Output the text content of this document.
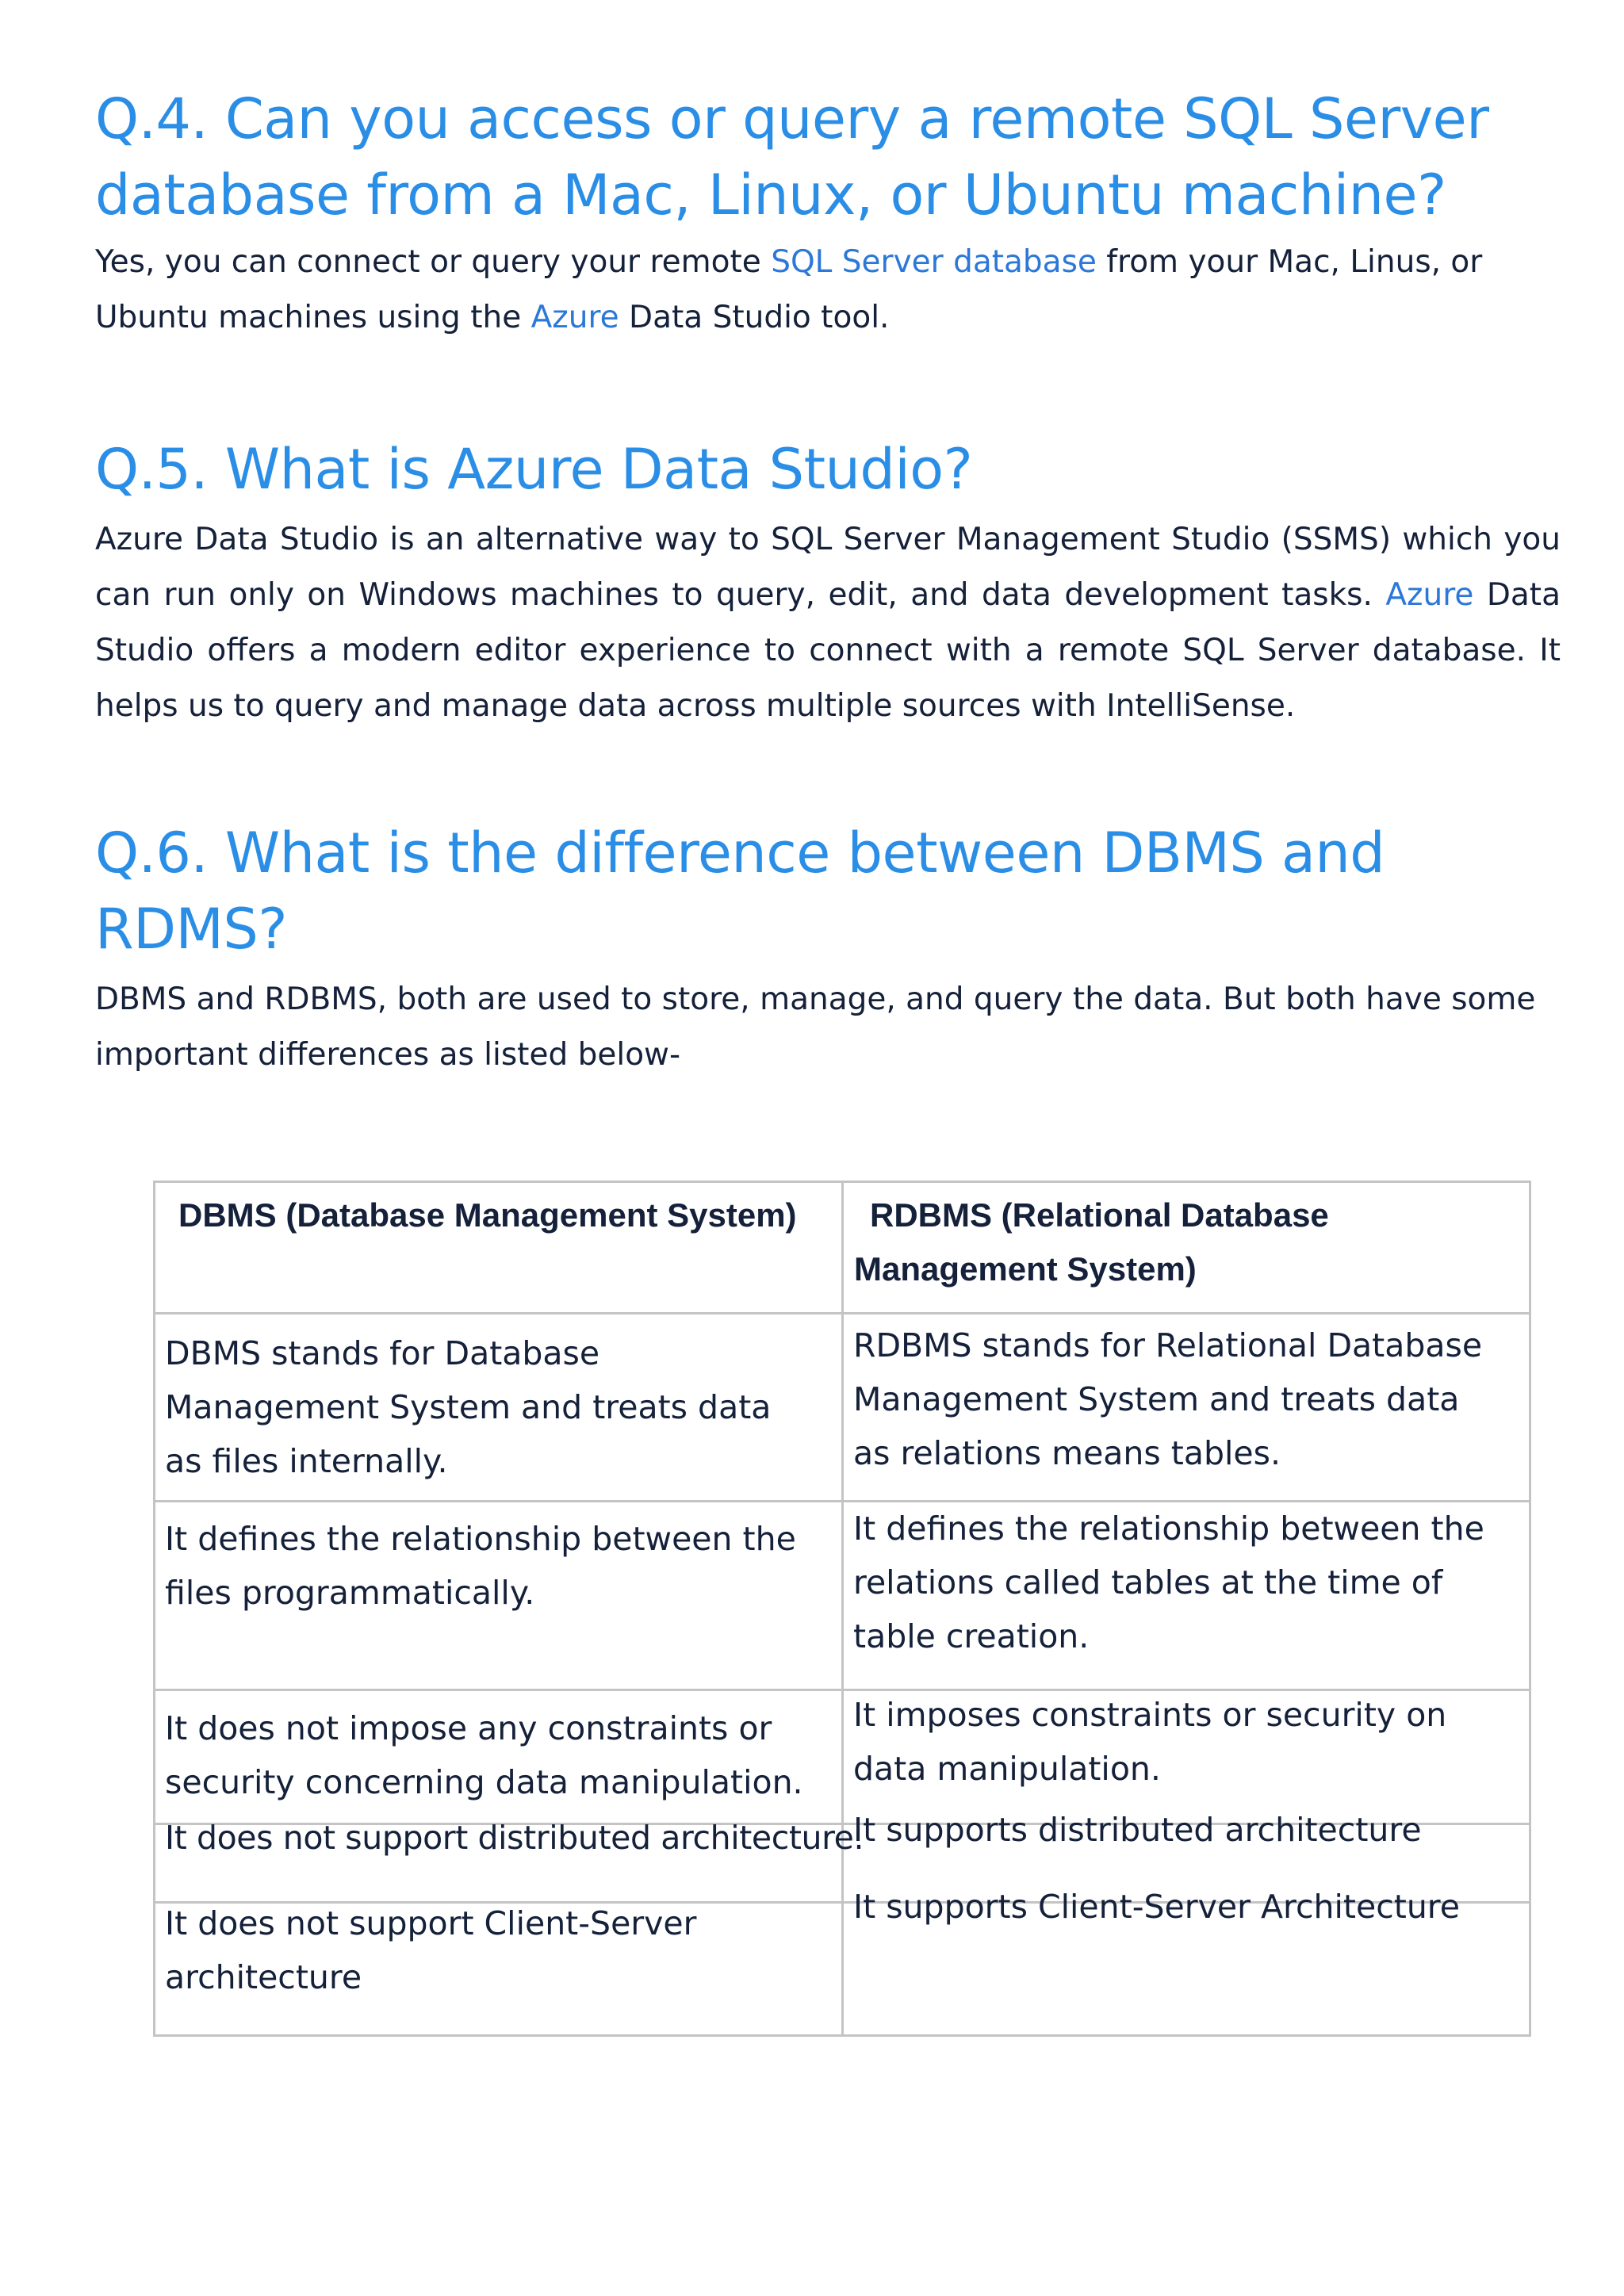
Q.4. Can you access or query a remote SQL Server database from a Mac, Linux, or Ubuntu machine?

Yes, you can connect or query your remote SQL Server database from your Mac, Linus, or Ubuntu machines using the Azure Data Studio tool.

Q.5. What is Azure Data Studio?

Azure Data Studio is an alternative way to SQL Server Management Studio (SSMS) which you can run only on Windows machines to query, edit, and data development tasks. Azure Data Studio offers a modern editor experience to connect with a remote SQL Server database. It helps us to query and manage data across multiple sources with IntelliSense.

Q.6. What is the difference between DBMS and RDMS?

DBMS and RDBMS, both are used to store, manage, and query the data. But both have some important differences as listed below-

DBMS (Database Management System)	RDBMS (Relational Database Management System)

DBMS stands for Database Management System and treats data as files internally.

RDBMS stands for Relational Database Management System and treats data as relations means tables.

It defines the relationship between the files programmatically.

It defines the relationship between the relations called tables at the time of table creation.

It does not impose any constraints or security concerning data manipulation.

It imposes constraints or security on data manipulation.

It does not support distributed architecture.

It supports distributed architecture

It does not support Client-Server architecture

It supports Client-Server Architecture
